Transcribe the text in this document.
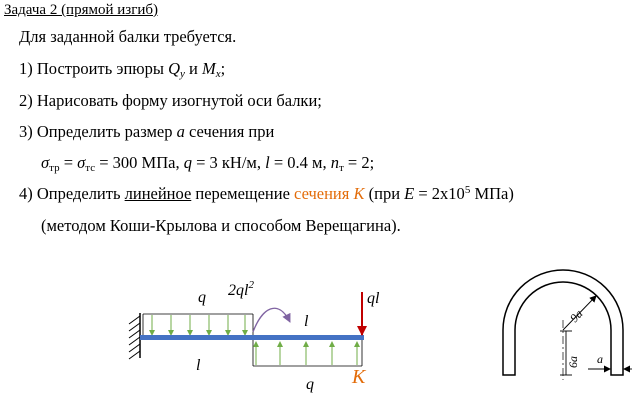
Задача 2 (прямой изгиб)
Для заданной балки требуется.
1) Построить эпюры $Q_y$ и $M_x$;
2) Нарисовать форму изогнутой оси балки;
3) Определить размер a сечения при
$\sigma_{тр} = \sigma_{тс} = 300$ МПа, q = 3 кН/м, l = 0.4 м, $n_т = 2$;
4) Определить линейное перемещение сечения K (при $E = 2x10^5$ МПа)
(методом Коши-Крылова и способом Верещагина).
q $2ql^2$
l
l
q
ql
K
9a
6a a
